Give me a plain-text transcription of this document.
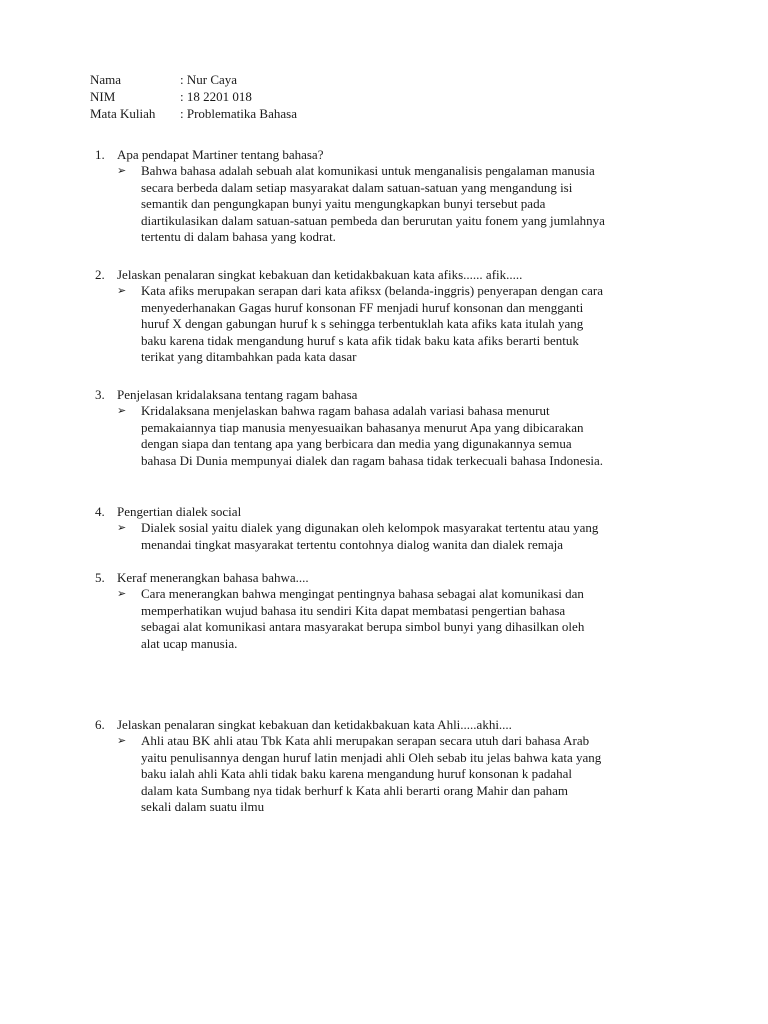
Nama	: Nur Caya
NIM	: 18 2201 018
Mata Kuliah	: Problematika Bahasa
1. Apa pendapat Martiner tentang bahasa?
➢	Bahwa bahasa adalah sebuah alat komunikasi untuk menganalisis pengalaman manusia
secara berbeda dalam setiap masyarakat dalam satuan-satuan yang mengandung isi
semantik dan pengungkapan bunyi yaitu mengungkapkan bunyi tersebut pada
diartikulasikan dalam satuan-satuan pembeda dan berurutan yaitu fonem yang jumlahnya
tertentu di dalam bahasa yang kodrat.
2. Jelaskan penalaran singkat kebakuan dan ketidakbakuan kata afiks...... afik.....
➢	Kata afiks merupakan serapan dari kata afiksx (belanda-inggris) penyerapan dengan cara
menyederhanakan Gagas huruf konsonan FF menjadi huruf konsonan dan mengganti
huruf X dengan gabungan huruf k s sehingga terbentuklah kata afiks kata itulah yang
baku karena tidak mengandung huruf s kata afik tidak baku kata afiks berarti bentuk
terikat yang ditambahkan pada kata dasar
3. Penjelasan kridalaksana tentang ragam bahasa
➢	Kridalaksana menjelaskan bahwa ragam bahasa adalah variasi bahasa menurut
pemakaiannya tiap manusia menyesuaikan bahasanya menurut Apa yang dibicarakan
dengan siapa dan tentang apa yang berbicara dan media yang digunakannya semua
bahasa Di Dunia mempunyai dialek dan ragam bahasa tidak terkecuali bahasa Indonesia.
4. Pengertian dialek social
➢	Dialek sosial yaitu dialek yang digunakan oleh kelompok masyarakat tertentu atau yang
menandai tingkat masyarakat tertentu contohnya dialog wanita dan dialek remaja
5. Keraf menerangkan bahasa bahwa....
➢	Cara menerangkan bahwa mengingat pentingnya bahasa sebagai alat komunikasi dan
memperhatikan wujud bahasa itu sendiri Kita dapat membatasi pengertian bahasa
sebagai alat komunikasi antara masyarakat berupa simbol bunyi yang dihasilkan oleh
alat ucap manusia.
6. Jelaskan penalaran singkat kebakuan dan ketidakbakuan kata Ahli.....akhi....
➢	Ahli atau BK ahli atau Tbk Kata ahli merupakan serapan secara utuh dari bahasa Arab
yaitu penulisannya dengan huruf latin menjadi ahli Oleh sebab itu jelas bahwa kata yang
baku ialah ahli Kata ahli tidak baku karena mengandung huruf konsonan k padahal
dalam kata Sumbang nya tidak berhurf k Kata ahli berarti orang Mahir dan paham
sekali dalam suatu ilmu
